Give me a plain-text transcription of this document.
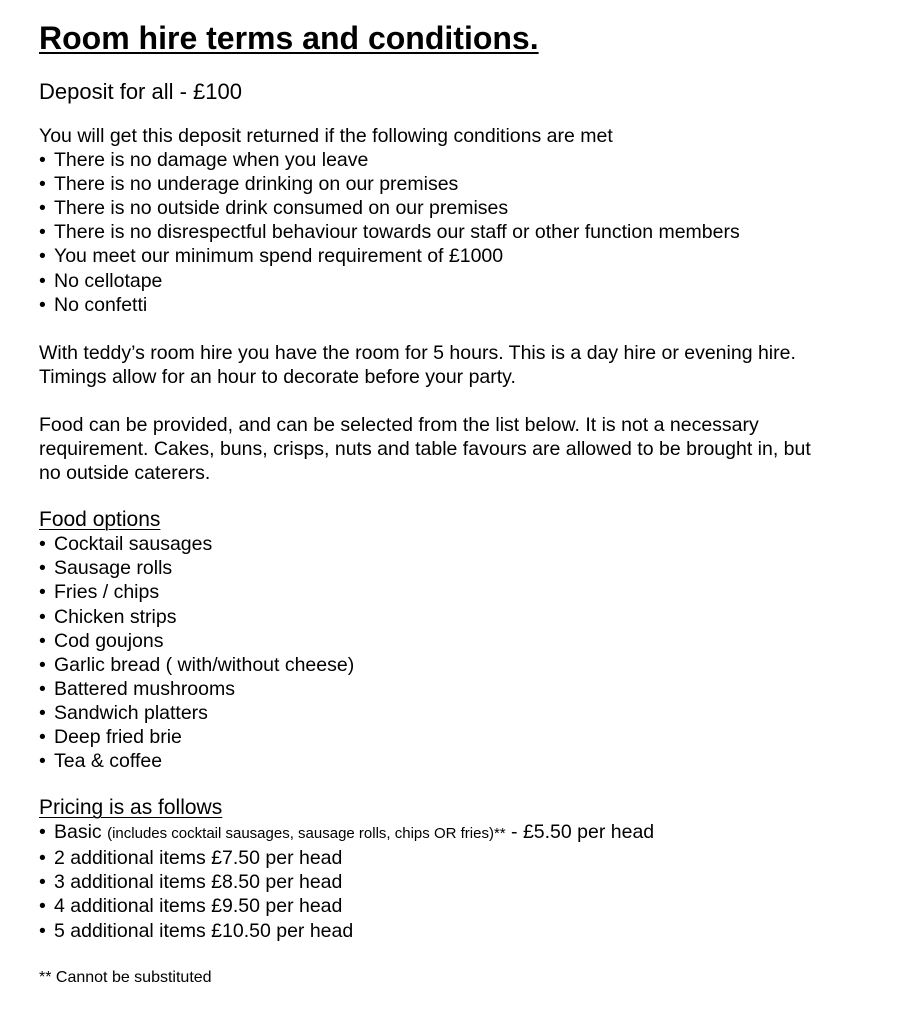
Room hire terms and conditions.
Deposit for all - £100
You will get this deposit returned if the following conditions are met
• There is no damage when you leave
• There is no underage drinking on our premises
• There is no outside drink consumed on our premises
• There is no disrespectful behaviour towards our staff or other function members
• You meet our minimum spend requirement of £1000
• No cellotape
• No confetti
With teddy’s room hire you have the room for 5 hours. This is a day hire or evening hire.
Timings allow for an hour to decorate before your party.
Food can be provided, and can be selected from the list below. It is not a necessary
requirement. Cakes, buns, crisps, nuts and table favours are allowed to be brought in, but
no outside caterers.
Food options
• Cocktail sausages
• Sausage rolls
• Fries / chips
• Chicken strips
• Cod goujons
• Garlic bread ( with/without cheese)
• Battered mushrooms
• Sandwich platters
• Deep fried brie
• Tea & coffee
Pricing is as follows
• Basic (includes cocktail sausages, sausage rolls, chips OR fries)** - £5.50 per head
• 2 additional items £7.50 per head
• 3 additional items £8.50 per head
• 4 additional items £9.50 per head
• 5 additional items £10.50 per head
** Cannot be substituted
